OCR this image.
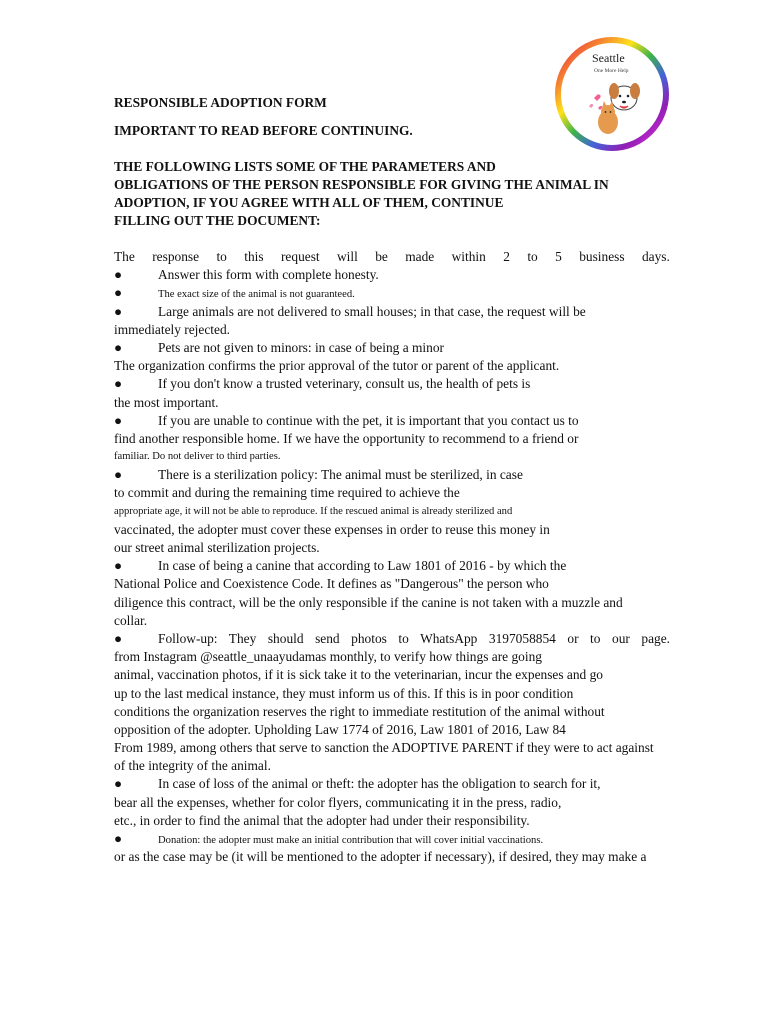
Seattle
One More Help

RESPONSIBLE ADOPTION FORM

IMPORTANT TO READ BEFORE CONTINUING.

THE FOLLOWING LISTS SOME OF THE PARAMETERS AND
OBLIGATIONS OF THE PERSON RESPONSIBLE FOR GIVING THE ANIMAL IN
ADOPTION, IF YOU AGREE WITH ALL OF THEM, CONTINUE
FILLING OUT THE DOCUMENT:
The response to this request will be made within 2 to 5 business days.
●	Answer this form with complete honesty.
●	The exact size of the animal is not guaranteed.
●	Large animals are not delivered to small houses; in that case, the request will be
immediately rejected.
●	Pets are not given to minors: in case of being a minor
The organization confirms the prior approval of the tutor or parent of the applicant.
●	If you don't know a trusted veterinary, consult us, the health of pets is
the most important.
●	If you are unable to continue with the pet, it is important that you contact us to
find another responsible home. If we have the opportunity to recommend to a friend or
familiar. Do not deliver to third parties.
●	There is a sterilization policy: The animal must be sterilized, in case
to commit and during the remaining time required to achieve the
appropriate age, it will not be able to reproduce. If the rescued animal is already sterilized and
vaccinated, the adopter must cover these expenses in order to reuse this money in
our street animal sterilization projects.
●	In case of being a canine that according to Law 1801 of 2016 - by which the
National Police and Coexistence Code. It defines as "Dangerous" the person who
diligence this contract, will be the only responsible if the canine is not taken with a muzzle and
collar.
●	Follow-up: They should send photos to WhatsApp 3197058854 or to our page.
from Instagram @seattle_unaayudamas monthly, to verify how things are going
animal, vaccination photos, if it is sick take it to the veterinarian, incur the expenses and go
up to the last medical instance, they must inform us of this. If this is in poor condition
conditions the organization reserves the right to immediate restitution of the animal without
opposition of the adopter. Upholding Law 1774 of 2016, Law 1801 of 2016, Law 84
From 1989, among others that serve to sanction the ADOPTIVE PARENT if they were to act against
of the integrity of the animal.
●	In case of loss of the animal or theft: the adopter has the obligation to search for it,
bear all the expenses, whether for color flyers, communicating it in the press, radio,
etc., in order to find the animal that the adopter had under their responsibility.
●	Donation: the adopter must make an initial contribution that will cover initial vaccinations.
or as the case may be (it will be mentioned to the adopter if necessary), if desired, they may make a
